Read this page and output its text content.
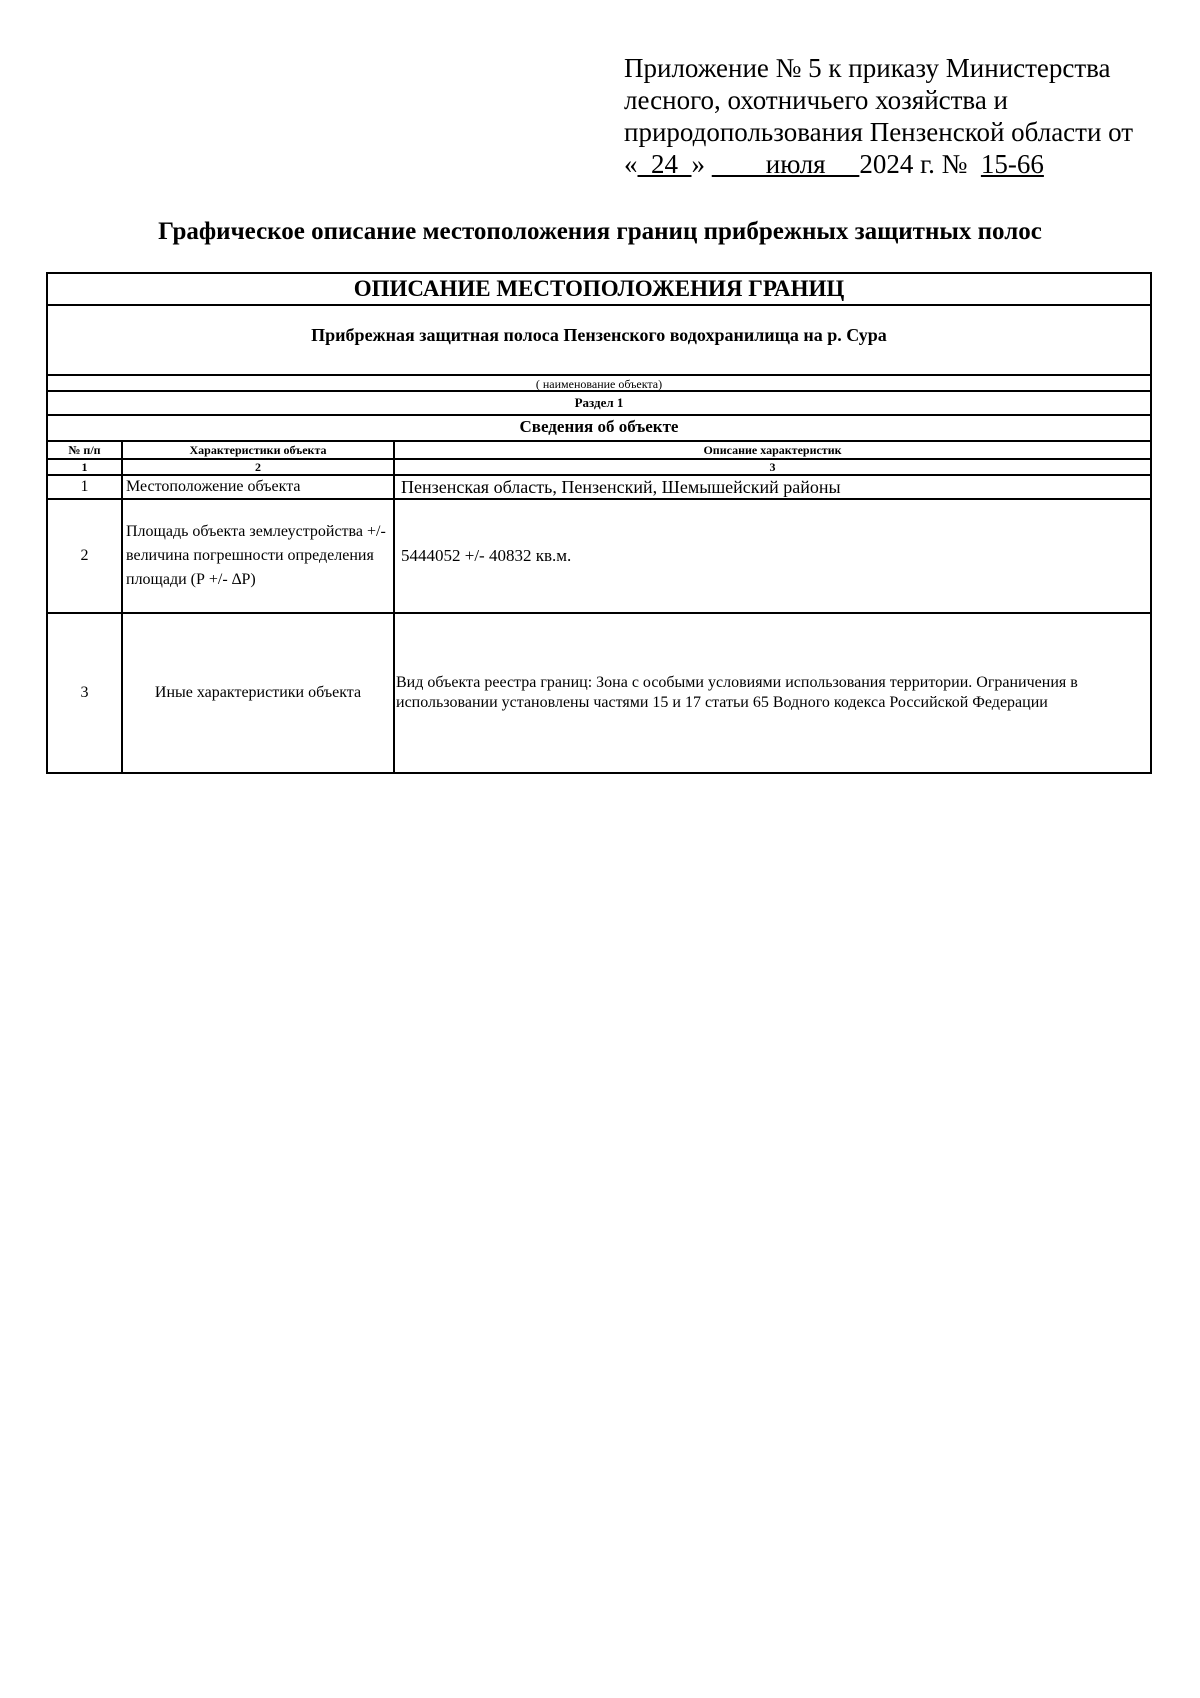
Приложение № 5 к приказу Министерства
лесного, охотничьего хозяйства и
природопользования Пензенской области от
«  24  »         июля     2024 г. №  15-66
Графическое описание местоположения границ прибрежных защитных полос
ОПИСАНИЕ МЕСТОПОЛОЖЕНИЯ ГРАНИЦ
Прибрежная защитная полоса Пензенского водохранилища на р. Сура
( наименование объекта)
Раздел 1
Сведения об объекте
№ п/п	Характеристики объекта	Описание характеристик
1	2	3
1	Местоположение объекта	Пензенская область, Пензенский, Шемышейский районы
2	Площадь объекта землеустройства +/- величина погрешности определения площади (Р +/- ∆Р)	5444052 +/- 40832 кв.м.
3	Иные характеристики объекта	Вид объекта реестра границ: Зона с особыми условиями использования территории. Ограничения в использовании установлены частями 15 и 17 статьи 65 Водного кодекса Российской Федерации
